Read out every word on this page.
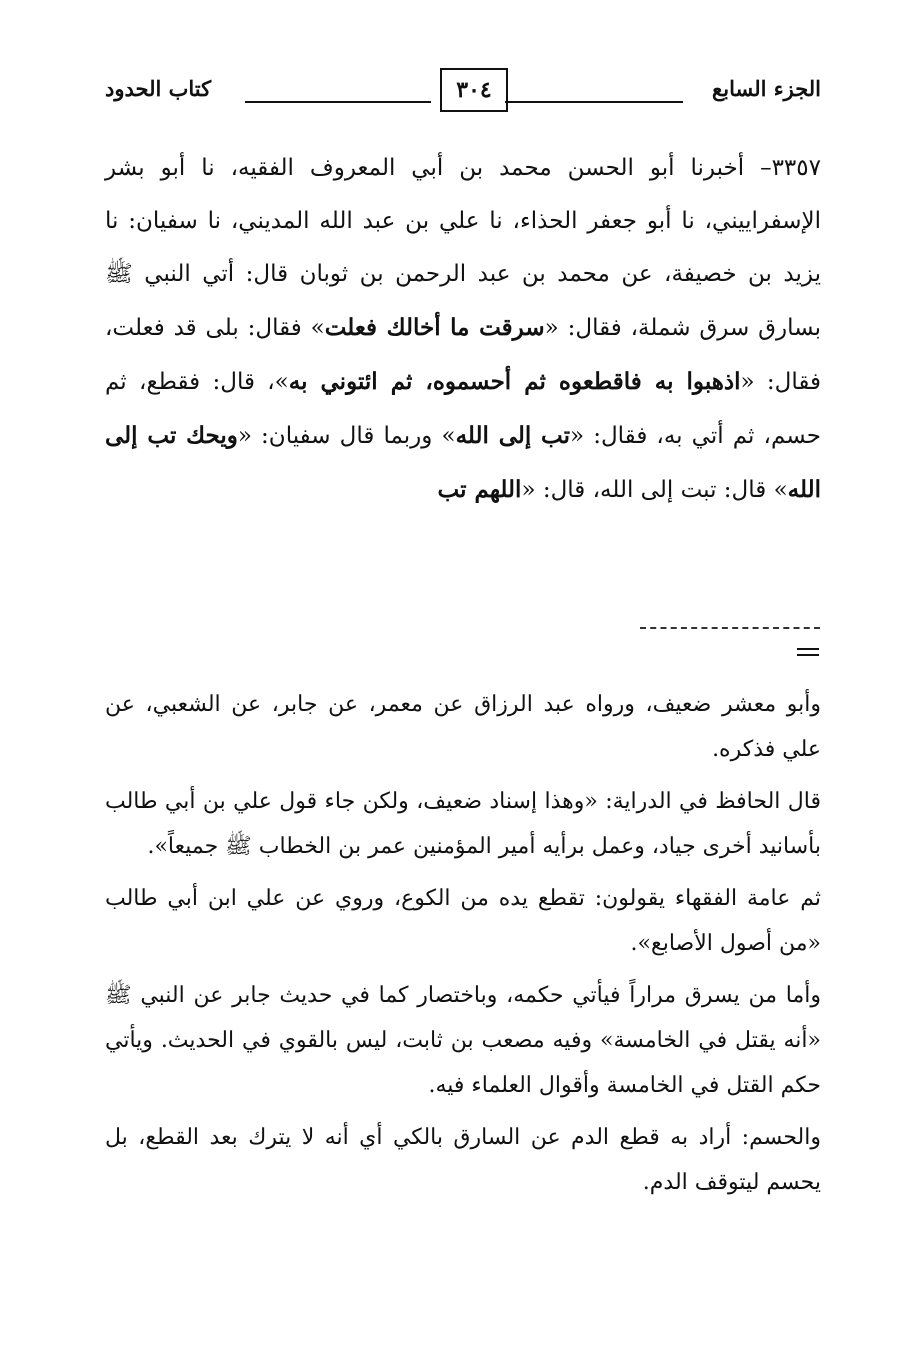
الجزء السابع
٣٠٤
كتاب الحدود

٣٣٥٧– أخبرنا أبو الحسن محمد بن أبي المعروف الفقيه، نا أبو بشر الإسفراييني، نا أبو جعفر الحذاء، نا علي بن عبد الله المديني، نا سفيان: نا يزيد بن خصيفة، عن محمد بن عبد الرحمن بن ثوبان قال: أتي النبي ﷺ بسارق سرق شملة، فقال: «سرقت ما أخالك فعلت» فقال: بلى قد فعلت، فقال: «اذهبوا به فاقطعوه ثم أحسموه، ثم ائتوني به»، قال: فقطع، ثم حسم، ثم أتي به، فقال: «تب إلى الله» وربما قال سفيان: «ويحك تب إلى الله» قال: تبت إلى الله، قال: «اللهم تب

وأبو معشر ضعيف، ورواه عبد الرزاق عن معمر، عن جابر، عن الشعبي، عن علي فذكره.

قال الحافظ في الدراية: «وهذا إسناد ضعيف، ولكن جاء قول علي بن أبي طالب بأسانيد أخرى جياد، وعمل برأيه أمير المؤمنين عمر بن الخطاب ﷺ جميعاً».

ثم عامة الفقهاء يقولون: تقطع يده من الكوع، وروي عن علي ابن أبي طالب «من أصول الأصابع».

وأما من يسرق مراراً فيأتي حكمه، وباختصار كما في حديث جابر عن النبي ﷺ «أنه يقتل في الخامسة» وفيه مصعب بن ثابت، ليس بالقوي في الحديث. ويأتي حكم القتل في الخامسة وأقوال العلماء فيه.

والحسم: أراد به قطع الدم عن السارق بالكي أي أنه لا يترك بعد القطع، بل يحسم ليتوقف الدم.
